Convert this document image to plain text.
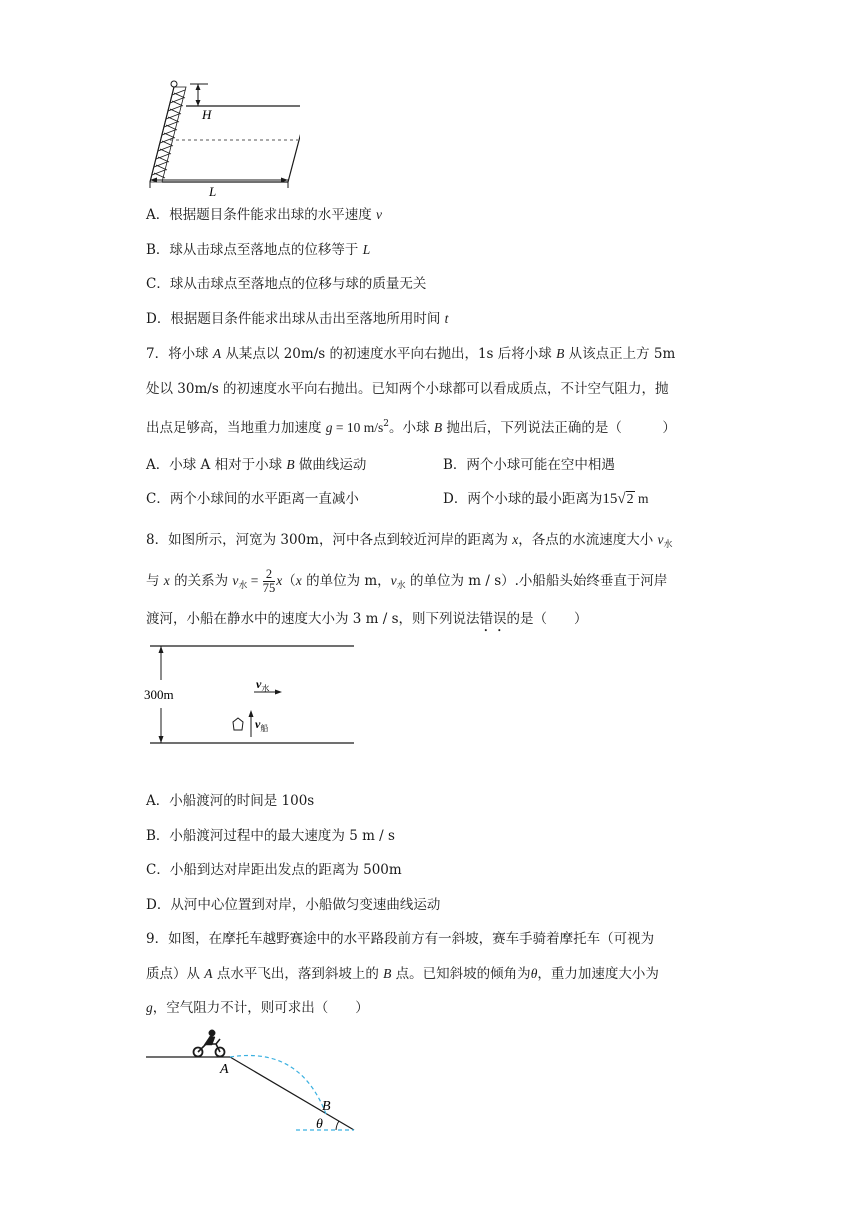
H
L
A．根据题目条件能求出球的水平速度 v
B．球从击球点至落地点的位移等于 L
C．球从击球点至落地点的位移与球的质量无关
D．根据题目条件能求出球从击出至落地所用时间 t
7．将小球 A 从某点以 20m/s 的初速度水平向右抛出，1s 后将小球 B 从该点正上方 5m
处以 30m/s 的初速度水平向右抛出。已知两个小球都可以看成质点，不计空气阻力，抛
出点足够高，当地重力加速度 g = 10 $m/s^2$。小球 B 抛出后，下列说法正确的是（　　　）
A．小球 A 相对于小球 B 做曲线运动	B．两个小球可能在空中相遇
C．两个小球间的水平距离一直减小	D．两个小球的最小距离为15√2 m
8．如图所示，河宽为 300m，河中各点到较近河岸的距离为 x，各点的水流速度大小 $v_水$
与 x 的关系为 $v_水 = \frac{2}{75} x(x$ 的单位为 m，$v_水$ 的单位为 m / s）.小船船头始终垂直于河岸
渡河，小船在静水中的速度大小为 3 m / s，则下列说法错误的是（　　）
300m
$v_水$
$v_船$
A．小船渡河的时间是 100s
B．小船渡河过程中的最大速度为 5 m / s
C．小船到达对岸距出发点的距离为 500m
D．从河中心位置到对岸，小船做匀变速曲线运动
9．如图，在摩托车越野赛途中的水平路段前方有一斜坡，赛车手骑着摩托车（可视为
质点）从 A 点水平飞出，落到斜坡上的 B 点。已知斜坡的倾角为θ，重力加速度大小为
g，空气阻力不计，则可求出（　　）
A
B
θ
